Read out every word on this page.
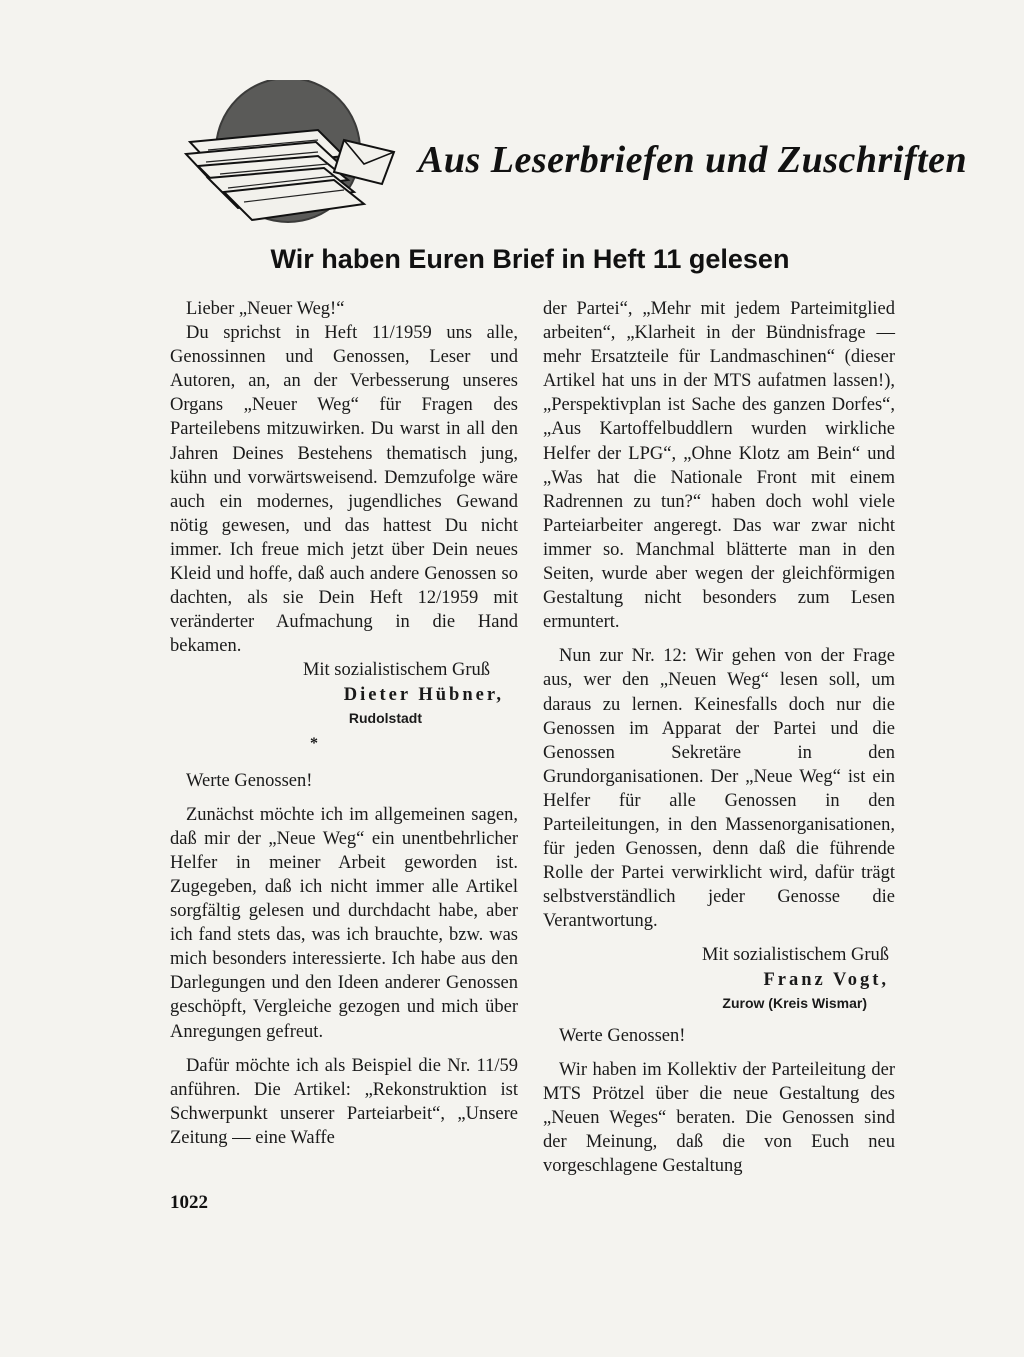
Aus Leserbriefen und Zuschriften
Wir haben Euren Brief in Heft 11 gelesen

Lieber „Neuer Weg!“

Du sprichst in Heft 11/1959 uns alle, Genossinnen und Genossen, Leser und Autoren, an, an der Verbesserung unseres Organs „Neuer Weg“ für Fragen des Parteilebens mitzuwirken. Du warst in all den Jahren Deines Bestehens thematisch jung, kühn und vorwärtsweisend. Demzufolge wäre auch ein modernes, jugendliches Gewand nötig gewesen, und das hattest Du nicht immer. Ich freue mich jetzt über Dein neues Kleid und hoffe, daß auch andere Genossen so dachten, als sie Dein Heft 12/1959 mit veränderter Aufmachung in die Hand bekamen.

Mit sozialistischem Gruß

Dieter Hübner,

Rudolstadt

*

Werte Genossen!

Zunächst möchte ich im allgemeinen sagen, daß mir der „Neue Weg“ ein unentbehrlicher Helfer in meiner Arbeit geworden ist. Zugegeben, daß ich nicht immer alle Artikel sorgfältig gelesen und durchdacht habe, aber ich fand stets das, was ich brauchte, bzw. was mich besonders interessierte. Ich habe aus den Darlegungen und den Ideen anderer Genossen geschöpft, Vergleiche gezogen und mich über Anregungen gefreut.

Dafür möchte ich als Beispiel die Nr. 11/59 anführen. Die Artikel: „Rekonstruktion ist Schwerpunkt unserer Parteiarbeit“, „Unsere Zeitung — eine Waffe

der Partei“, „Mehr mit jedem Parteimitglied arbeiten“, „Klarheit in der Bündnisfrage — mehr Ersatzteile für Landmaschinen“ (dieser Artikel hat uns in der MTS aufatmen lassen!), „Perspektivplan ist Sache des ganzen Dorfes“, „Aus Kartoffelbuddlern wurden wirkliche Helfer der LPG“, „Ohne Klotz am Bein“ und „Was hat die Nationale Front mit einem Radrennen zu tun?“ haben doch wohl viele Parteiarbeiter angeregt. Das war zwar nicht immer so. Manchmal blätterte man in den Seiten, wurde aber wegen der gleichförmigen Gestaltung nicht besonders zum Lesen ermuntert.

Nun zur Nr. 12: Wir gehen von der Frage aus, wer den „Neuen Weg“ lesen soll, um daraus zu lernen. Keinesfalls doch nur die Genossen im Apparat der Partei und die Genossen Sekretäre in den Grundorganisationen. Der „Neue Weg“ ist ein Helfer für alle Genossen in den Parteileitungen, in den Massenorganisationen, für jeden Genossen, denn daß die führende Rolle der Partei verwirklicht wird, dafür trägt selbstverständlich jeder Genosse die Verantwortung.

Mit sozialistischem Gruß

Franz Vogt,

Zurow (Kreis Wismar)

Werte Genossen!

Wir haben im Kollektiv der Parteileitung der MTS Prötzel über die neue Gestaltung des „Neuen Weges“ beraten. Die Genossen sind der Meinung, daß die von Euch neu vorgeschlagene Gestaltung

1022
